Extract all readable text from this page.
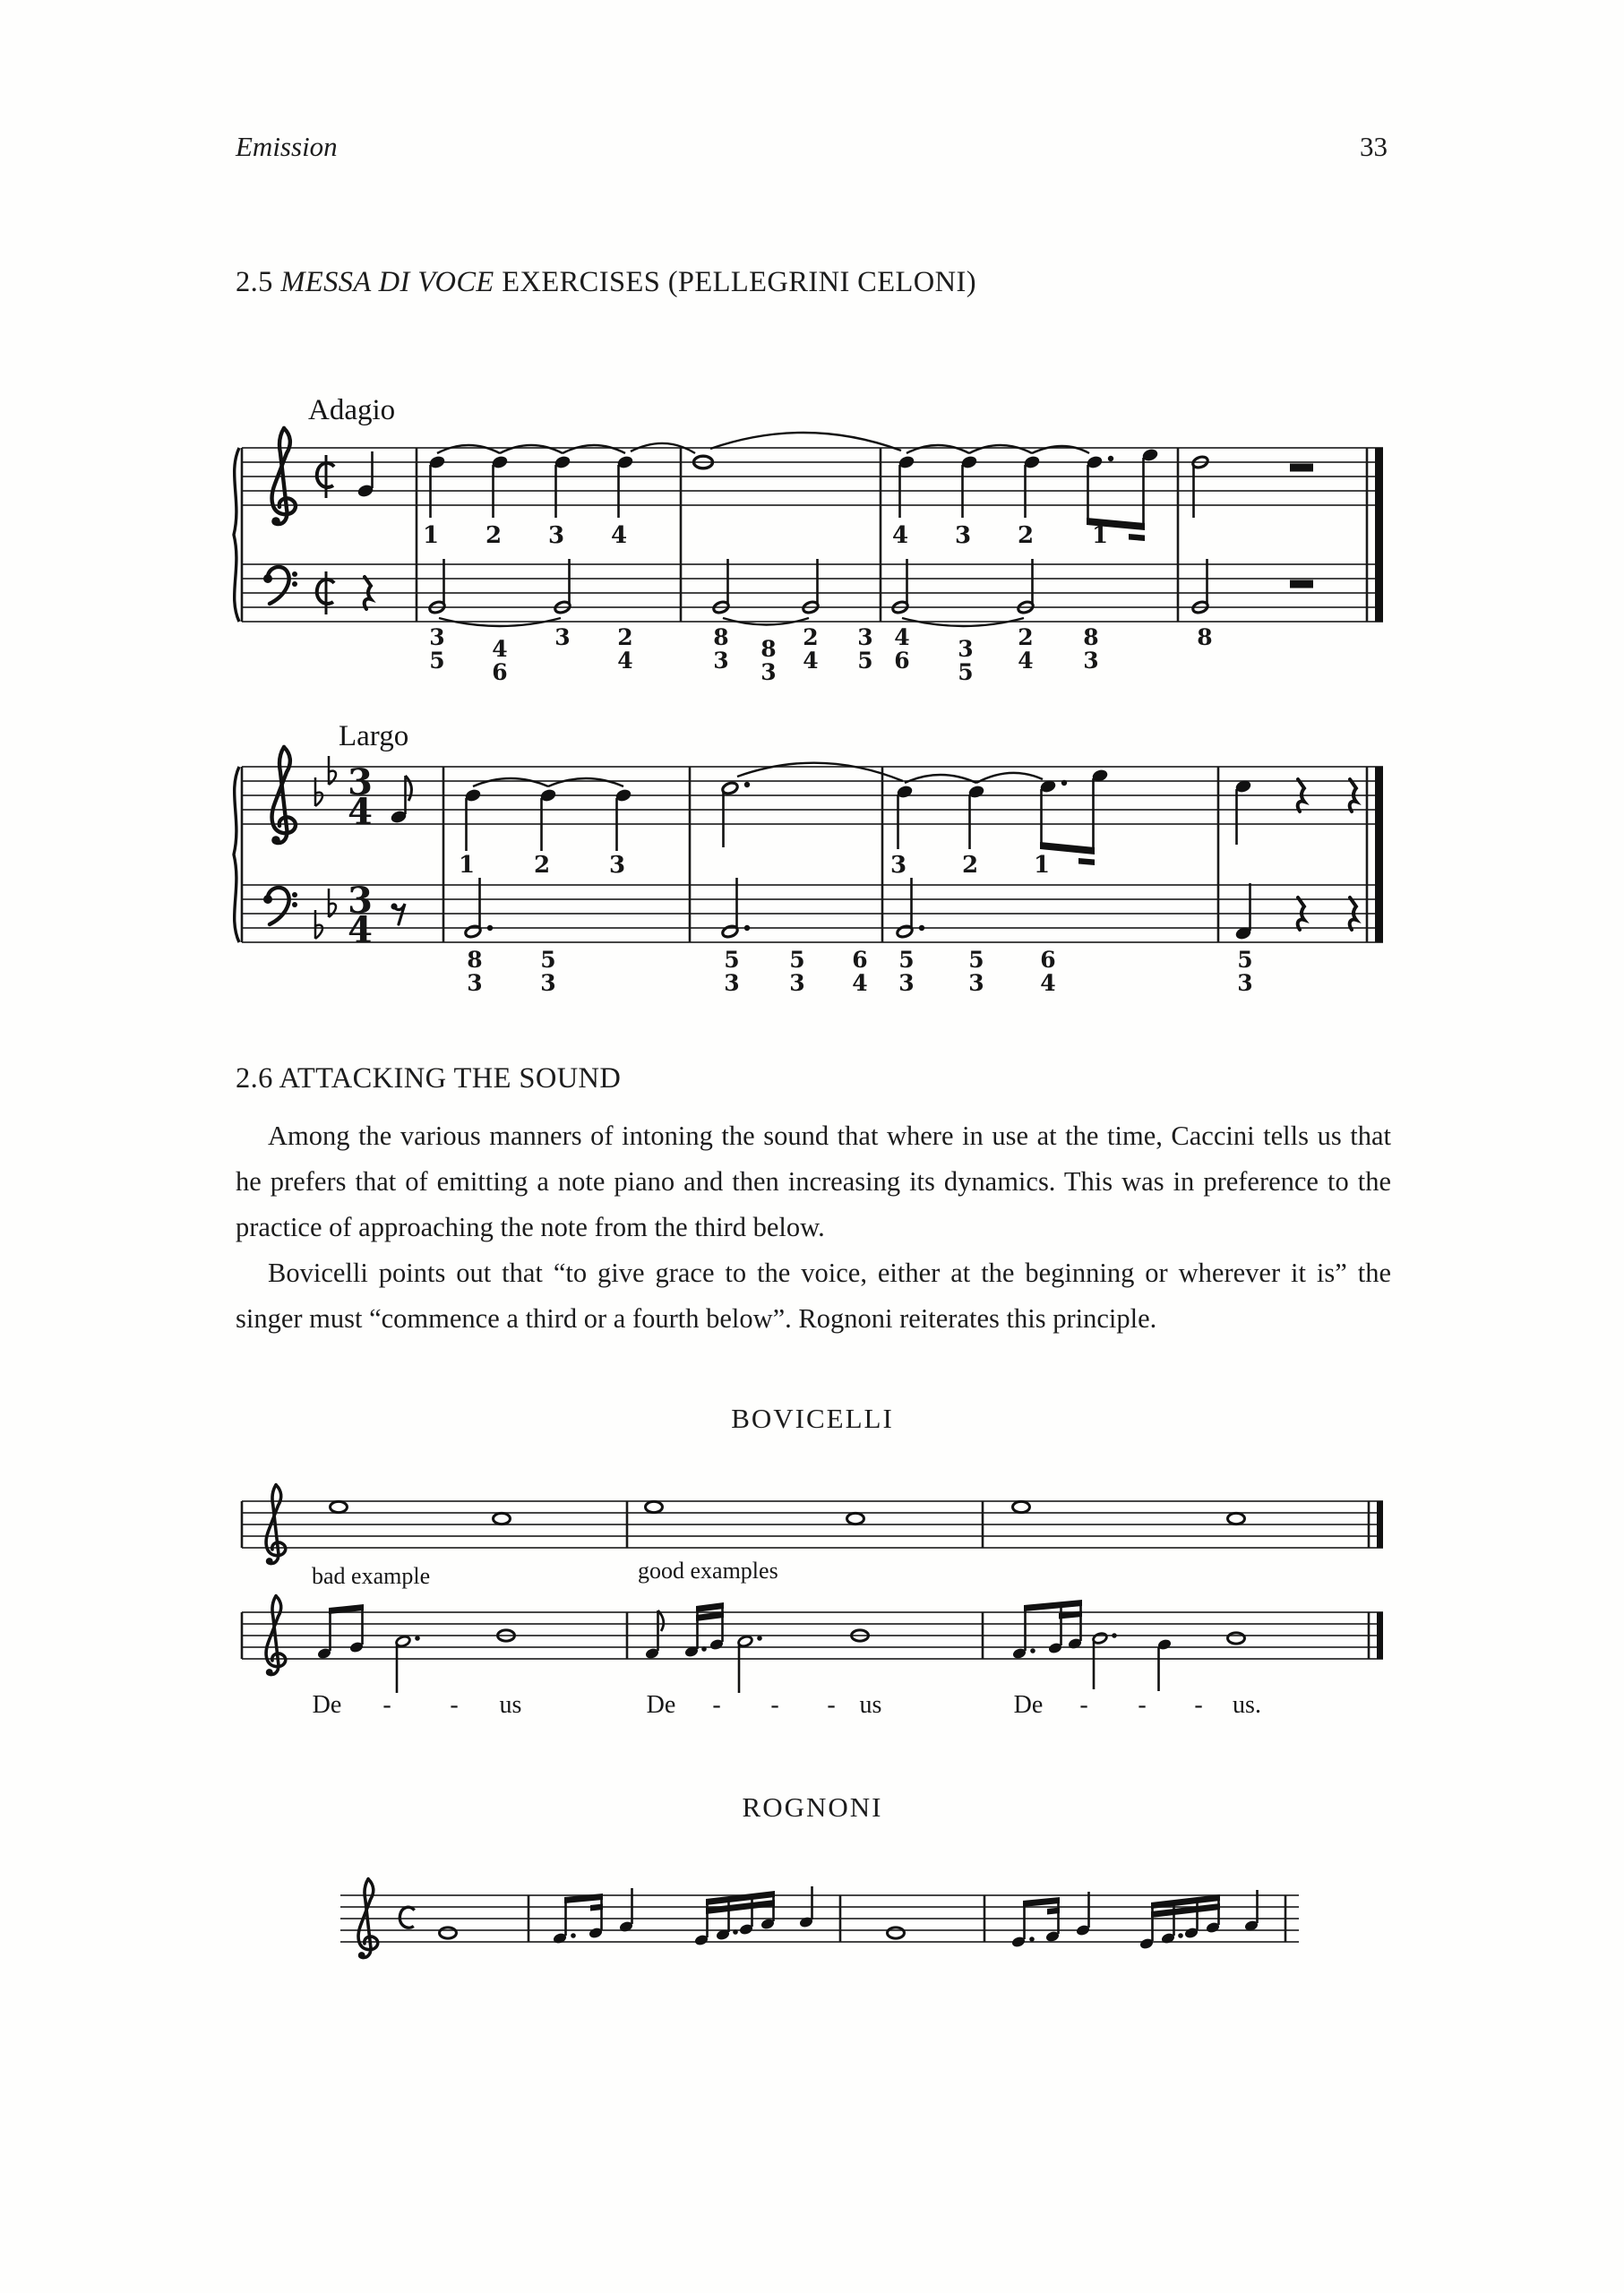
Emission	33
2.5 MESSA DI VOCE EXERCISES (PELLEGRINI CELONI)
Adagio
1 2 3 4	4 3 2 1
3
5 4
6
3 2
4
8
3 8
3
2
4
3
5
4
6 3
5
2
4
8
3
8
Largo
3
4
3
4
1	2	3	3 2 1
8
3
5
3
5
3
5
3
6
4
5
3
5
3
6
4
5
3
2.6 ATTACKING THE SOUND

Among the various manners of intoning the sound that where in use at the time, Caccini tells us that he prefers that of emitting a note piano and then increasing its dynamics. This was in preference to the practice of approaching the note from the third below.

Bovicelli points out that “to give grace to the voice, either at the beginning or wherever it is” the singer must “commence a third or a fourth below”. Rognoni reiterates this principle.

BOVICELLI
bad example	good examples
De - - us	De - - - us	De - - - us.
ROGNONI
